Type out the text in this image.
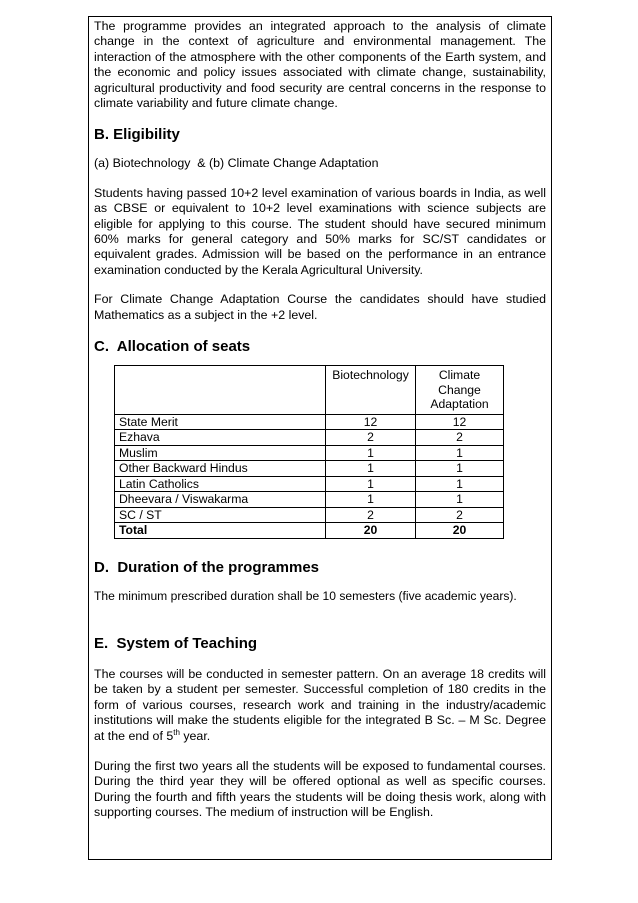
The programme provides an integrated approach to the analysis of climate change in the context of agriculture and environmental management. The interaction of the atmosphere with the other components of the Earth system, and the economic and policy issues associated with climate change, sustainability, agricultural productivity and food security are central concerns in the response to climate variability and future climate change.

B. Eligibility

(a) Biotechnology  & (b) Climate Change Adaptation

Students having passed 10+2 level examination of various boards in India, as well as CBSE or equivalent to 10+2 level examinations with science subjects are eligible for applying to this course. The student should have secured minimum 60% marks for general category and 50% marks for SC/ST candidates or equivalent grades. Admission will be based on the performance in an entrance examination conducted by the Kerala Agricultural University.

For Climate Change Adaptation Course the candidates should have studied Mathematics as a subject in the +2 level.

C.  Allocation of seats
	Biotechnology	Climate Change Adaptation
State Merit	12	12
Ezhava	2	2
Muslim	1	1
Other Backward Hindus	1	1
Latin Catholics	1	1
Dheevara / Viswakarma	1	1
SC / ST	2	2
Total	20	20
D.  Duration of the programmes

The minimum prescribed duration shall be 10 semesters (five academic years).

E.  System of Teaching

The courses will be conducted in semester pattern. On an average 18 credits will be taken by a student per semester. Successful completion of 180 credits in the form of various courses, research work and training in the industry/academic institutions will make the students eligible for the integrated B Sc. – M Sc. Degree at the end of 5th year.

During the first two years all the students will be exposed to fundamental courses. During the third year they will be offered optional as well as specific courses. During the fourth and fifth years the students will be doing thesis work, along with supporting courses. The medium of instruction will be English.
